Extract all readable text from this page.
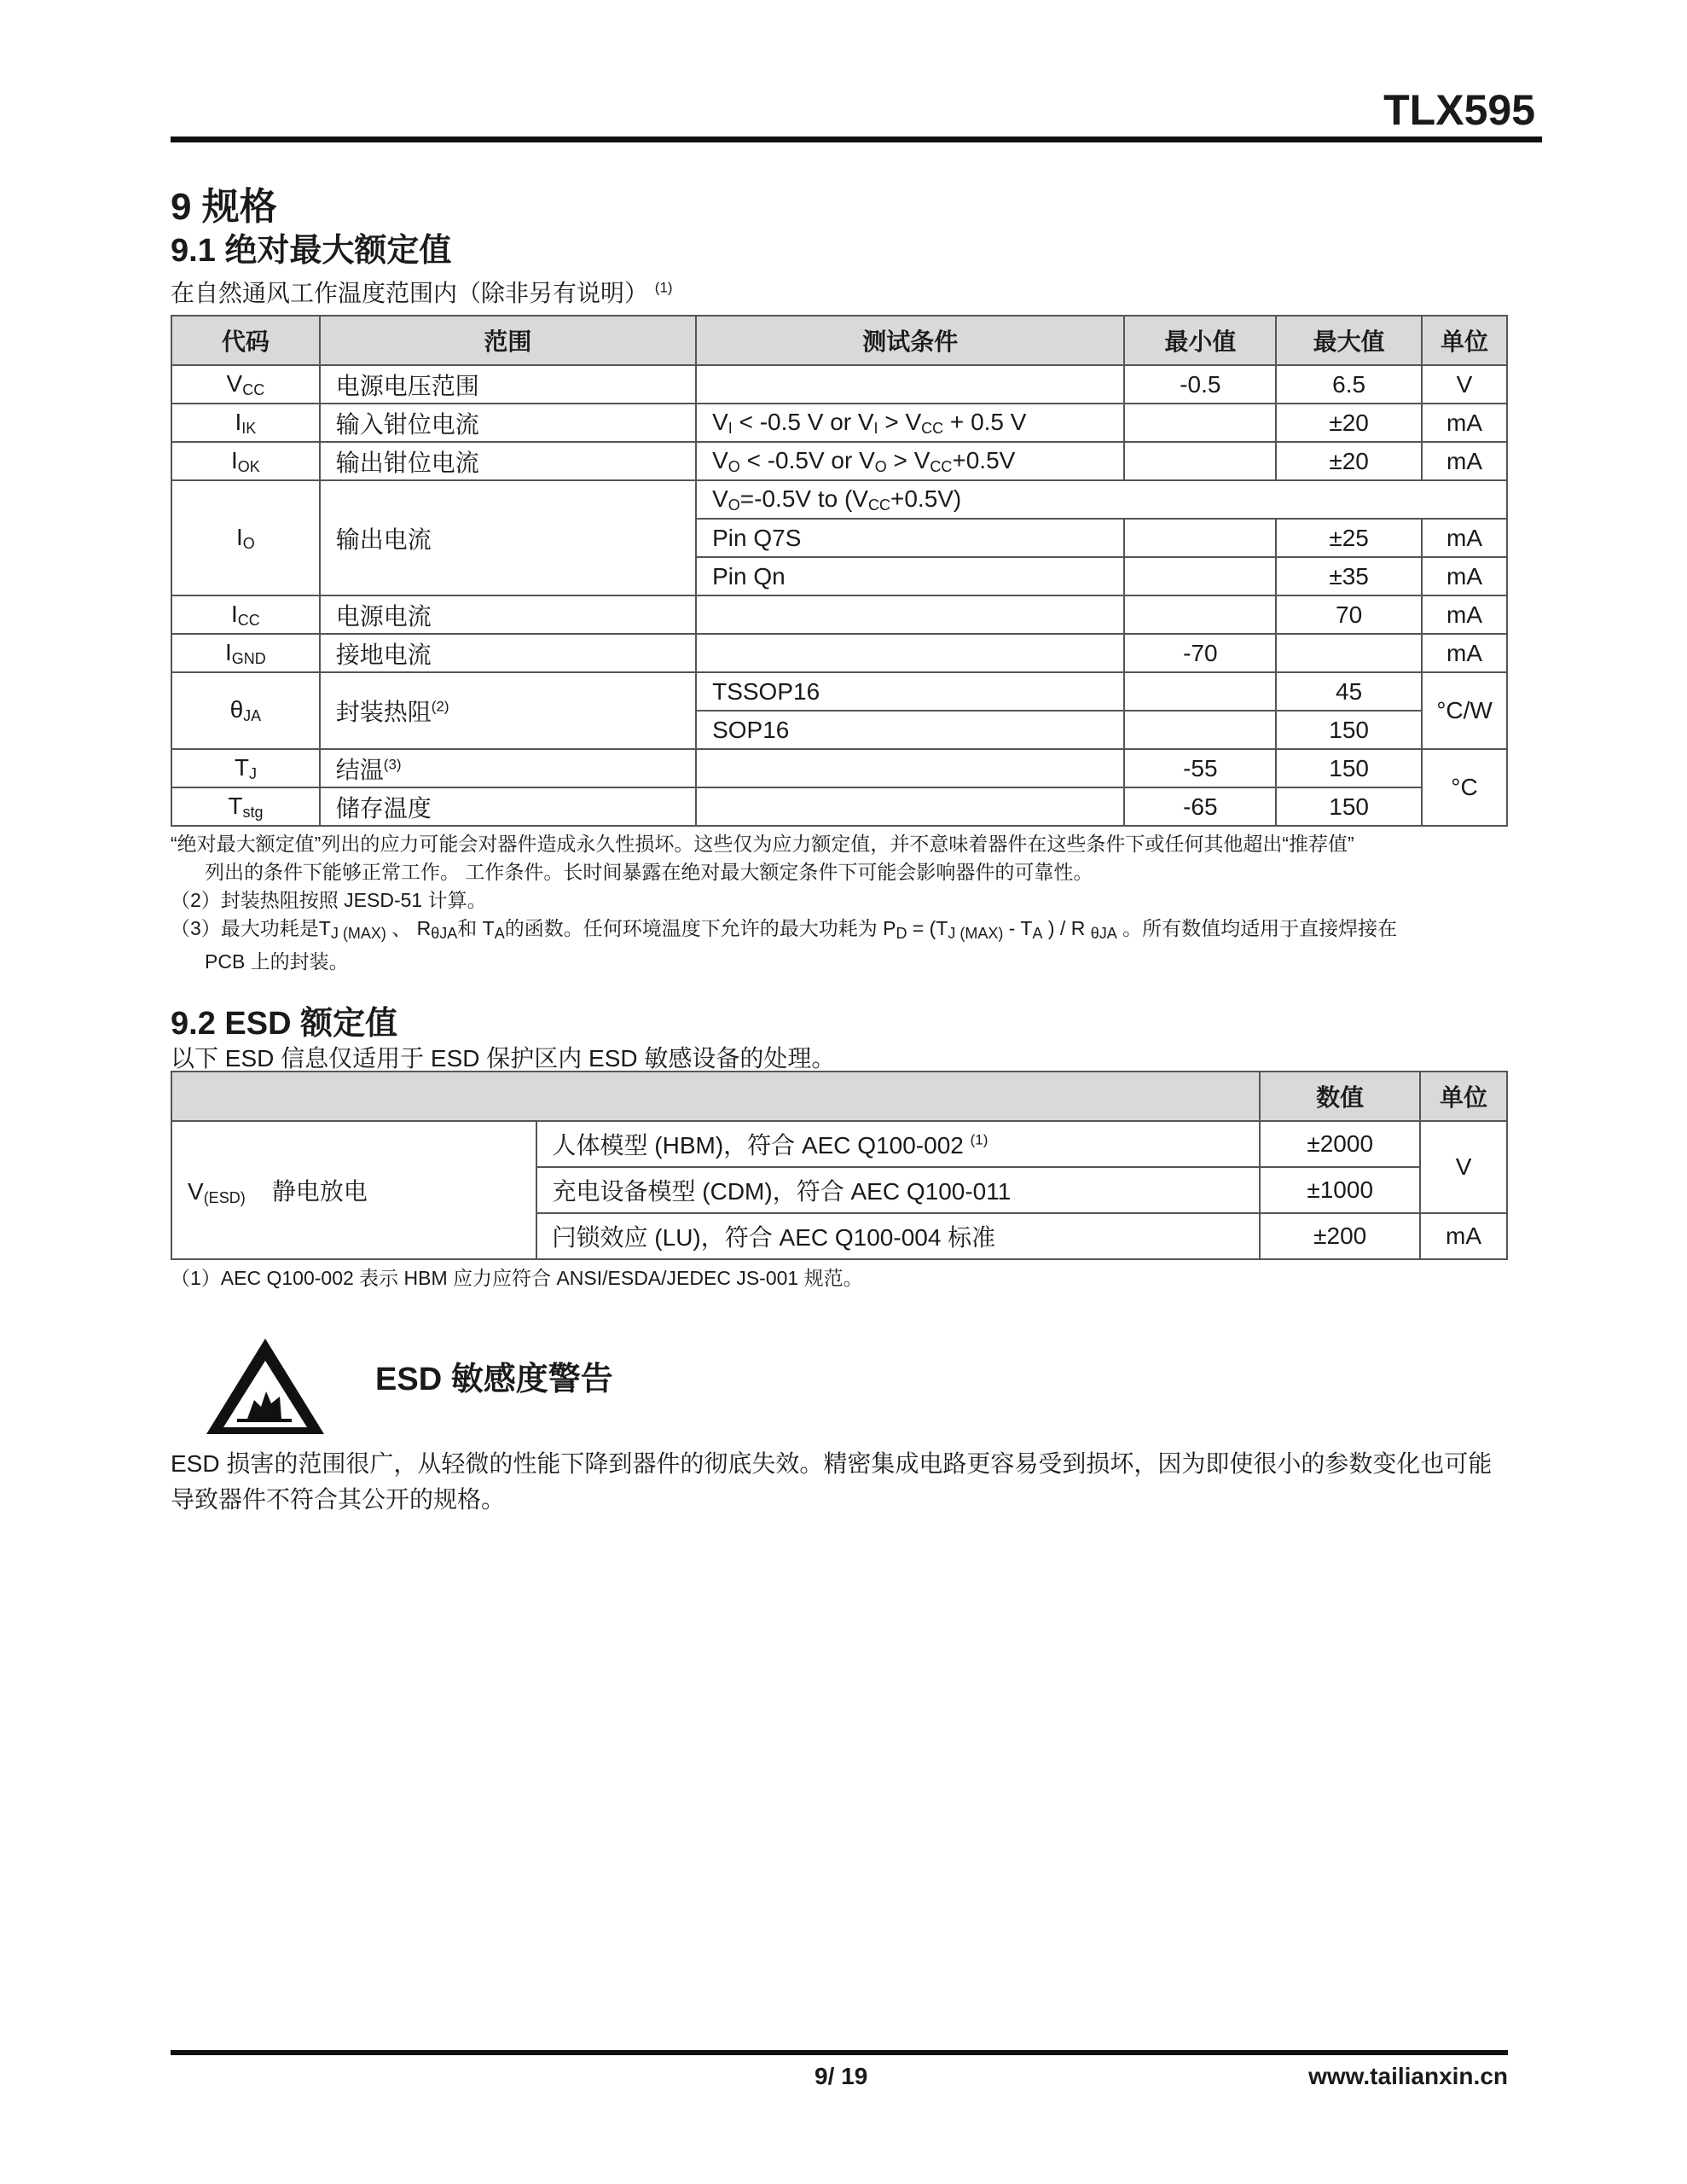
TLX595
9 规格
9.1 绝对最大额定值
在自然通风工作温度范围内（除非另有说明） $^{(1)}$
代码	范围	测试条件	最小值	最大值	单位
$V_{CC}$	电源电压范围		-0.5	6.5	V
$I_{IK}$	输入钳位电流	$V_I < -0.5$ V or $V_I > V_{CC} + 0.5$ V		±20	mA
$I_{OK}$	输出钳位电流	$V_O < -0.5V$ or $V_O > V_{CC}+0.5V$		±20	mA
$I_O$	输出电流	$V_O=-0.5V$ to $(V_{CC}+0.5V)$			
		Pin Q7S		±25	mA
		Pin Qn		±35	mA
$I_{CC}$	电源电流			70	mA
$I_{GND}$	接地电流		-70		mA
$\theta_{JA}$	封装热阻$^{(2)}$	TSSOP16		45	°C/W
		SOP16		150	
$T_J$	结温$^{(3)}$		-55	150	°C
$T_{stg}$	储存温度		-65	150	
“绝对最大额定值”列出的应力可能会对器件造成永久性损坏。这些仅为应力额定值，并不意味着器件在这些条件下或任何其他超出“推荐值”
列出的条件下能够正常工作。 工作条件。长时间暴露在绝对最大额定条件下可能会影响器件的可靠性。
（2）封装热阻按照 JESD-51 计算。
（3）最大功耗是$T_{J (MAX)}$ 、 $R_{\theta JA}$和 $T_A$的函数。任何环境温度下允许的最大功耗为 $P_D = (T_{J (MAX)} - T_A$ ) / R $_{\theta JA}$ 。所有数值均适用于直接焊接在
PCB 上的封装。
9.2 ESD 额定值
以下 ESD 信息仅适用于 ESD 保护区内 ESD 敏感设备的处理。
		数值	单位
$V_{(ESD)}$ 静电放电	人体模型 (HBM)，符合 AEC Q100-002 $^{(1)}$	±2000	V
	充电设备模型 (CDM)，符合 AEC Q100-011	±1000	
	闩锁效应 (LU)，符合 AEC Q100-004 标准	±200	mA
（1）AEC Q100-002 表示 HBM 应力应符合 ANSI/ESDA/JEDEC JS-001 规范。
ESD 敏感度警告
ESD 损害的范围很广，从轻微的性能下降到器件的彻底失效。精密集成电路更容易受到损坏，因为即使很小的参数变化也可能导致器件不符合其公开的规格。
9/ 19	www.tailianxin.cn
